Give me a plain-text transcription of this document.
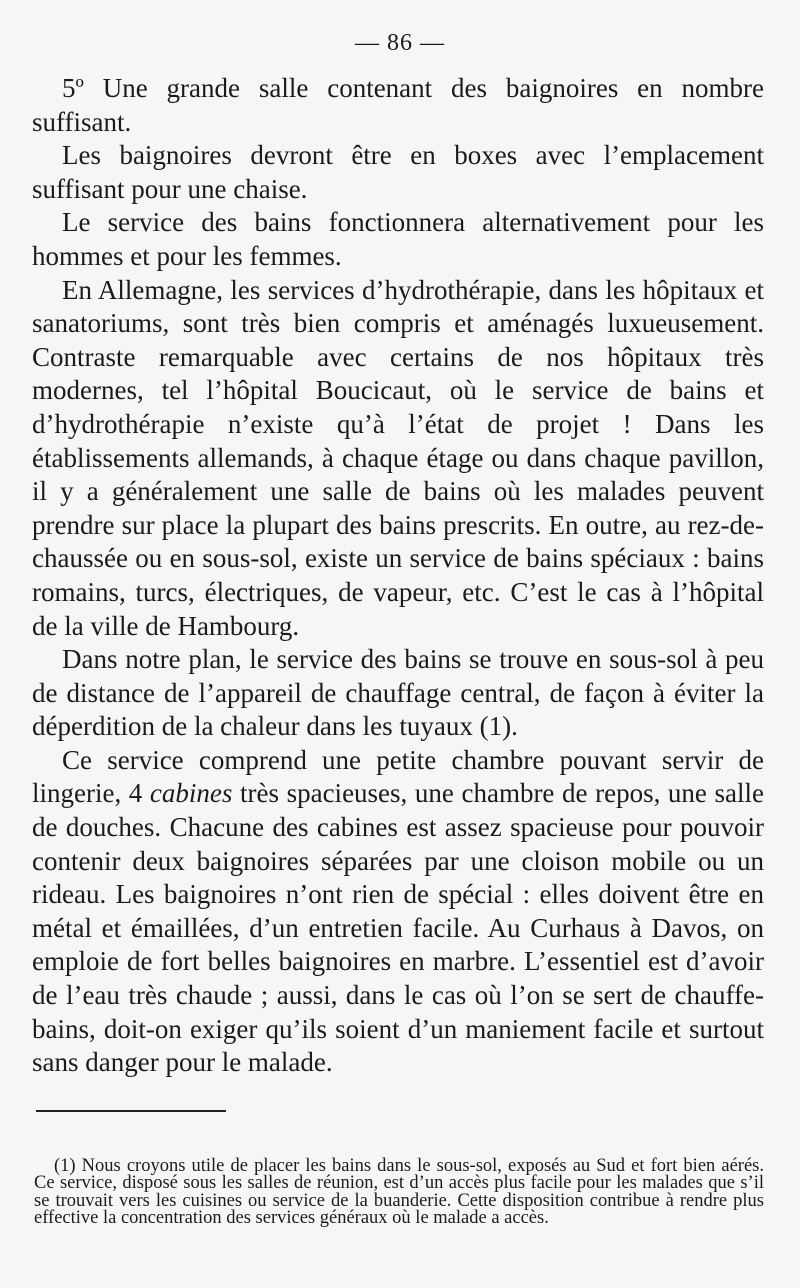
— 86 —

5º Une grande salle contenant des baignoires en nombre suffisant.

Les baignoires devront être en boxes avec l’emplacement suffisant pour une chaise.

Le service des bains fonctionnera alternativement pour les hommes et pour les femmes.

En Allemagne, les services d’hydrothérapie, dans les hôpitaux et sanatoriums, sont très bien compris et aménagés luxueusement. Contraste remarquable avec certains de nos hôpitaux très modernes, tel l’hôpital Boucicaut, où le service de bains et d’hydrothérapie n’existe qu’à l’état de projet ! Dans les établissements allemands, à chaque étage ou dans chaque pavillon, il y a généralement une salle de bains où les malades peuvent prendre sur place la plupart des bains prescrits. En outre, au rez-de-chaussée ou en sous-sol, existe un service de bains spéciaux : bains romains, turcs, électriques, de vapeur, etc. C’est le cas à l’hôpital de la ville de Hambourg.

Dans notre plan, le service des bains se trouve en sous-sol à peu de distance de l’appareil de chauffage central, de façon à éviter la déperdition de la chaleur dans les tuyaux (1).

Ce service comprend une petite chambre pouvant servir de lingerie, 4 cabines très spacieuses, une chambre de repos, une salle de douches. Chacune des cabines est assez spacieuse pour pouvoir contenir deux baignoires séparées par une cloison mobile ou un rideau. Les baignoires n’ont rien de spécial : elles doivent être en métal et émaillées, d’un entretien facile. Au Curhaus à Davos, on emploie de fort belles baignoires en marbre. L’essentiel est d’avoir de l’eau très chaude ; aussi, dans le cas où l’on se sert de chauffe-bains, doit-on exiger qu’ils soient d’un maniement facile et surtout sans danger pour le malade.

(1) Nous croyons utile de placer les bains dans le sous-sol, exposés au Sud et fort bien aérés. Ce service, disposé sous les salles de réunion, est d’un accès plus facile pour les malades que s’il se trouvait vers les cuisines ou service de la buanderie. Cette disposition contribue à rendre plus effective la concentration des services généraux où le malade a accès.
